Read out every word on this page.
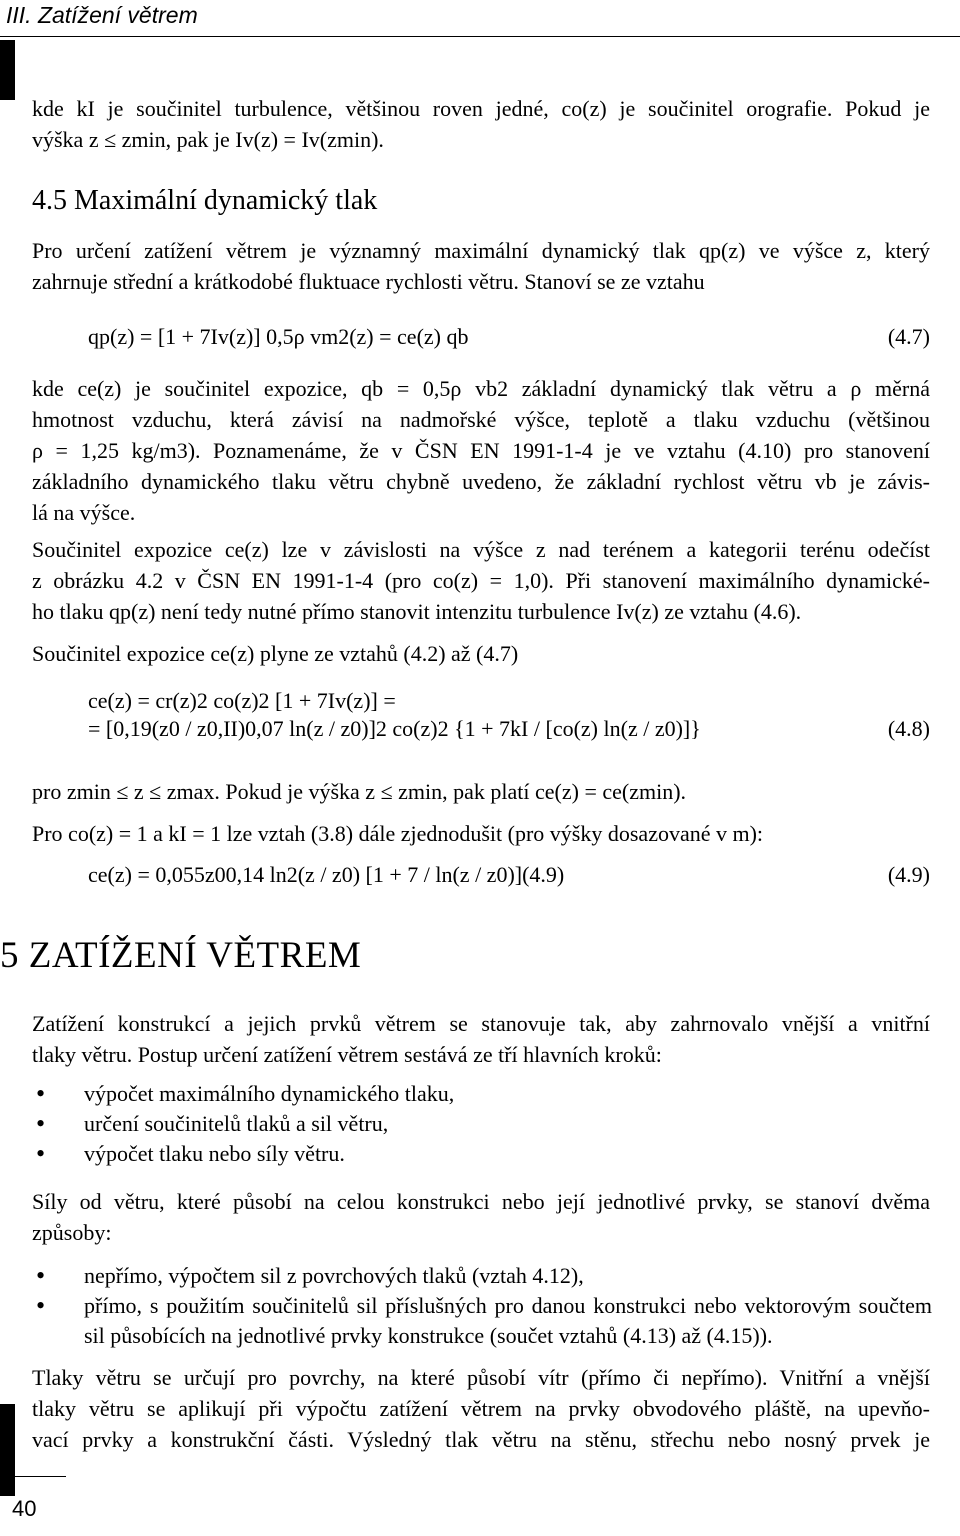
III. Zatížení větrem
kde kI je součinitel turbulence, většinou roven jedné, co(z) je součinitel orografie. Pokud je
výška z ≤ zmin, pak je Iv(z) = Iv(zmin).
4.5 Maximální dynamický tlak
Pro určení zatížení větrem je významný maximální dynamický tlak qp(z) ve výšce z, který
zahrnuje střední a krátkodobé fluktuace rychlosti větru. Stanoví se ze vztahu
qp(z) = [1 + 7Iv(z)] 0,5ρ vm2(z) = ce(z) qb	(4.7)
kde ce(z) je součinitel expozice, qb = 0,5ρ vb2 základní dynamický tlak větru a ρ měrná
hmotnost vzduchu, která závisí na nadmořské výšce, teplotě a tlaku vzduchu (většinou
ρ = 1,25 kg/m3). Poznamenáme, že v ČSN EN 1991-1-4 je ve vztahu (4.10) pro stanovení
základního dynamického tlaku větru chybně uvedeno, že základní rychlost větru vb je závis-
lá na výšce.
Součinitel expozice ce(z) lze v závislosti na výšce z nad terénem a kategorii terénu odečíst
z obrázku 4.2 v ČSN EN 1991-1-4 (pro co(z) = 1,0). Při stanovení maximálního dynamické-
ho tlaku qp(z) není tedy nutné přímo stanovit intenzitu turbulence Iv(z) ze vztahu (4.6).
Součinitel expozice ce(z) plyne ze vztahů (4.2) až (4.7)
ce(z) = cr(z)2 co(z)2 [1 + 7Iv(z)] =
= [0,19(z0 / z0,II)0,07 ln(z / z0)]2 co(z)2 {1 + 7kI / [co(z) ln(z / z0)]}	(4.8)
pro zmin ≤ z ≤ zmax. Pokud je výška z ≤ zmin, pak platí ce(z) = ce(zmin).
Pro co(z) = 1 a kI = 1 lze vztah (3.8) dále zjednodušit (pro výšky dosazované v m):
ce(z) = 0,055z00,14 ln2(z / z0) [1 + 7 / ln(z / z0)](4.9)	(4.9)
5 ZATÍŽENÍ VĚTREM
Zatížení konstrukcí a jejich prvků větrem se stanovuje tak, aby zahrnovalo vnější a vnitřní
tlaky větru. Postup určení zatížení větrem sestává ze tří hlavních kroků:
• výpočet maximálního dynamického tlaku,
• určení součinitelů tlaků a sil větru,
• výpočet tlaku nebo síly větru.
Síly od větru, které působí na celou konstrukci nebo její jednotlivé prvky, se stanoví dvěma
způsoby:
• nepřímo, výpočtem sil z povrchových tlaků (vztah 4.12),
• přímo, s použitím součinitelů sil příslušných pro danou konstrukci nebo vektorovým součtem sil působících na jednotlivé prvky konstrukce (součet vztahů (4.13) až (4.15)).
Tlaky větru se určují pro povrchy, na které působí vítr (přímo či nepřímo). Vnitřní a vnější
tlaky větru se aplikují při výpočtu zatížení větrem na prvky obvodového pláště, na upevňo-
vací prvky a konstrukční části. Výsledný tlak větru na stěnu, střechu nebo nosný prvek je
40
